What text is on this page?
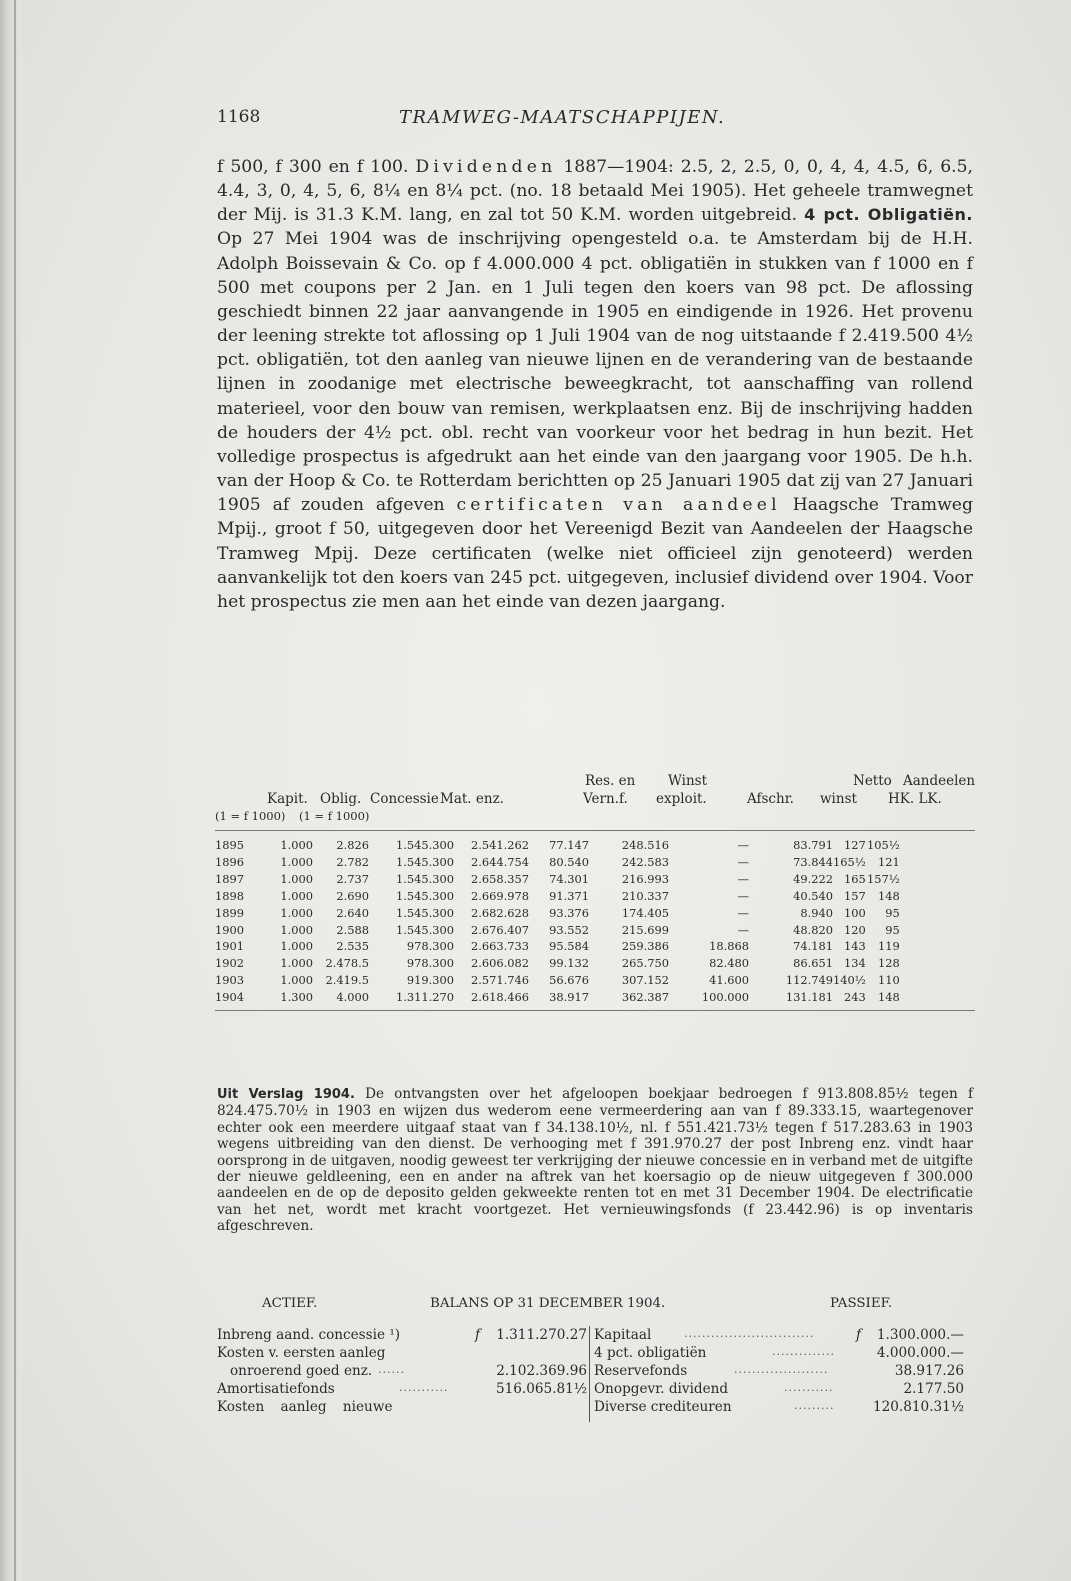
1168	TRAMWEG-MAATSCHAPPIJEN.
f 500, f 300 en f 100. Dividenden 1887—1904: 2.5, 2, 2.5, 0, 0, 4, 4, 4.5, 6, 6.5, 4.4, 3, 0, 4, 5, 6, 8¼ en 8¼ pct. (no. 18 betaald Mei 1905). Het geheele tramwegnet der Mij. is 31.3 K.M. lang, en zal tot 50 K.M. worden uitgebreid. 4 pct. Obligatiën. Op 27 Mei 1904 was de inschrijving opengesteld o.a. te Amsterdam bij de H.H. Adolph Boissevain & Co. op f 4.000.000 4 pct. obligatiën in stukken van f 1000 en f 500 met coupons per 2 Jan. en 1 Juli tegen den koers van 98 pct. De aflossing geschiedt binnen 22 jaar aanvangende in 1905 en eindigende in 1926. Het provenu der leening strekte tot aflossing op 1 Juli 1904 van de nog uitstaande f 2.419.500 4½ pct. obligatiën, tot den aanleg van nieuwe lijnen en de verandering van de bestaande lijnen in zoodanige met electrische beweegkracht, tot aanschaffing van rollend materieel, voor den bouw van remisen, werkplaatsen enz. Bij de inschrijving hadden de houders der 4½ pct. obl. recht van voorkeur voor het bedrag in hun bezit. Het volledige prospectus is afgedrukt aan het einde van den jaargang voor 1905. De h.h. van der Hoop & Co. te Rotterdam berichtten op 25 Januari 1905 dat zij van 27 Januari 1905 af zouden afgeven certificaten van aandeel Haagsche Tramweg Mpij., groot f 50, uitgegeven door het Vereenigd Bezit van Aandeelen der Haagsche Tramweg Mpij. Deze certificaten (welke niet officieel zijn genoteerd) werden aanvankelijk tot den koers van 245 pct. uitgegeven, inclusief dividend over 1904. Voor het prospectus zie men aan het einde van dezen jaargang.
Res. en Winst	Netto Aandeelen
Kapit. Oblig. Concessie Mat. enz.	Vern.f. exploit.	Afschr. winst HK. LK.
(1 = f 1000) (1 = f 1000)
1895	1.000	2.826	1.545.300	2.541.262	77.147	248.516	—	83.791	127	105½
1896	1.000	2.782	1.545.300	2.644.754	80.540	242.583	—	73.844	165½	121
1897	1.000	2.737	1.545.300	2.658.357	74.301	216.993	—	49.222	165	157½
1898	1.000	2.690	1.545.300	2.669.978	91.371	210.337	—	40.540	157	148
1899	1.000	2.640	1.545.300	2.682.628	93.376	174.405	—	8.940	100	95
1900	1.000	2.588	1.545.300	2.676.407	93.552	215.699	—	48.820	120	95
1901	1.000	2.535	978.300	2.663.733	95.584	259.386	18.868	74.181	143	119
1902	1.000	2.478.5	978.300	2.606.082	99.132	265.750	82.480	86.651	134	128
1903	1.000	2.419.5	919.300	2.571.746	56.676	307.152	41.600	112.749	140½	110
1904	1.300	4.000	1.311.270	2.618.466	38.917	362.387	100.000	131.181	243	148
Uit Verslag 1904. De ontvangsten over het afgeloopen boekjaar bedroegen f 913.808.85½ tegen f 824.475.70½ in 1903 en wijzen dus wederom eene vermeerdering aan van f 89.333.15, waartegenover echter ook een meerdere uitgaaf staat van f 34.138.10½, nl. f 551.421.73½ tegen f 517.283.63 in 1903 wegens uitbreiding van den dienst. De verhooging met f 391.970.27 der post Inbreng enz. vindt haar oorsprong in de uitgaven, noodig geweest ter verkrijging der nieuwe concessie en in verband met de uitgifte der nieuwe geldleening, een en ander na aftrek van het koersagio op de nieuw uitgegeven f 300.000 aandeelen en de op de deposito gelden gekweekte renten tot en met 31 December 1904. De electrificatie van het net, wordt met kracht voortgezet. Het vernieuwingsfonds (f 23.442.96) is op inventaris afgeschreven.
ACTIEF.	BALANS OP 31 DECEMBER 1904.	PASSIEF.
Inbreng aand. concessie ¹)	f	1.311.270.27
Kosten v. eersten aanleg
onroerend goed enz. ......	2.102.369.96
Amortisatiefonds	...........	516.065.81½
Kosten aanleg nieuwe
Kapitaal	.............................	f	1.300.000.—
4 pct. obligatiën	..............	4.000.000.—
Reservefonds	.....................	38.917.26
Onopgevr. dividend	...........	2.177.50
Diverse crediteuren	.........	120.810.31½
